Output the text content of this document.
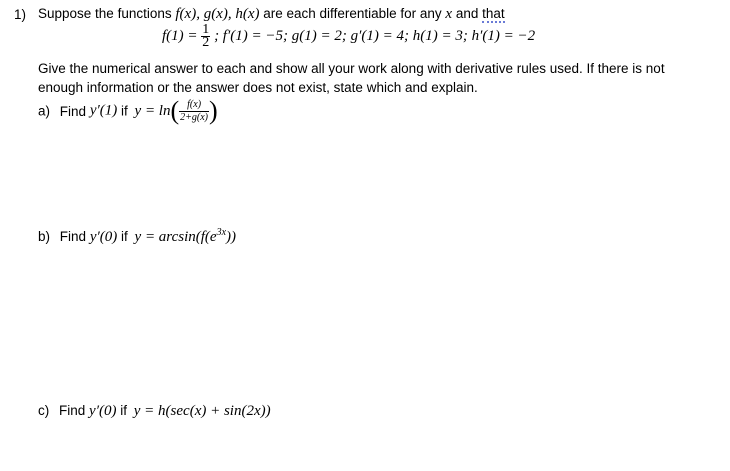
1) Suppose the functions f(x), g(x), h(x) are each differentiable for any x and that
$f(1) = \frac{1}{2}$ ; f′(1) = −5; g(1) = 2; g′(1) = 4; h(1) = 3; h′(1) = −2
Give the numerical answer to each and show all your work along with derivative rules used. If there is not
enough information or the answer does not exist, state which and explain.
a) Find y′(1) if $y = \ln( \frac{f(x)}{2+g(x)}$ )
b) Find y′(0) if $y = \arcsin(f(e^{3x}))$
c) Find y′(0) if y = h(sec(x) + sin(2x))
